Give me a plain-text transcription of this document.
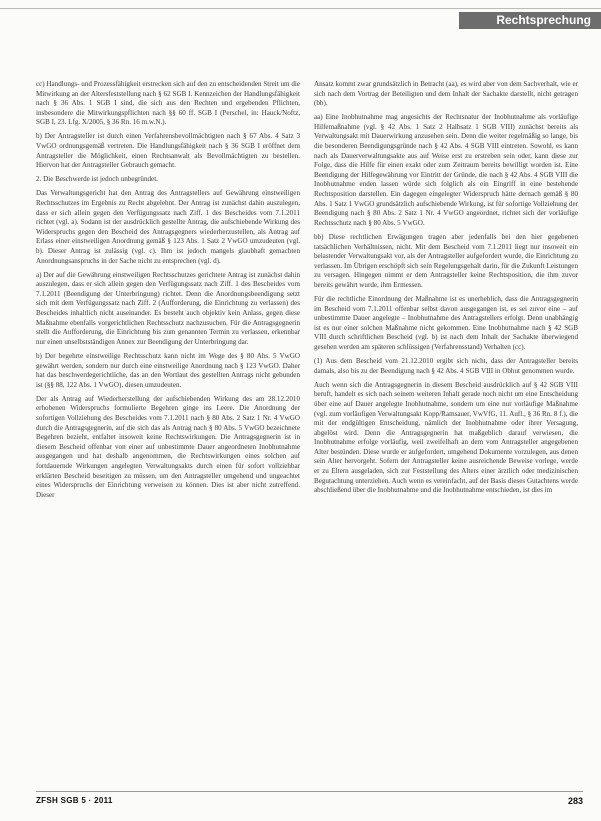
Rechtsprechung

cc) Handlungs- und Prozessfähigkeit erstrecken sich auf den zu entscheidenden Streit um die Mitwirkung an der Altersfeststellung nach § 62 SGB I. Kennzeichen der Handlungsfähigkeit nach § 36 Abs. 1 SGB I sind, die sich aus den Rechten und ergebenden Pflichten, insbesondere die Mitwirkungspflichten nach §§ 60 ff. SGB I (Perschel, in: Hauck/Noftz, SGB I, 23. Lfg. X/2005, § 36 Rn. 16 m.w.N.).

b) Der Antragsteller ist durch einen Verfahrensbevollmächtigten nach § 67 Abs. 4 Satz 3 VwGO ordnungsgemäß vertreten. Die Handlungsfähigkeit nach § 36 SGB I eröffnet dem Antragsteller die Möglichkeit, einen Rechtsanwalt als Bevollmächtigten zu bestellen. Hiervon hat der Antragsteller Gebrauch gemacht.

2. Die Beschwerde ist jedoch unbegründet.

Das Verwaltungsgericht hat den Antrag des Antragstellers auf Gewährung einstweiligen Rechtsschutzes im Ergebnis zu Recht abgelehnt. Der Antrag ist zunächst dahin auszulegen, dass er sich allein gegen den Verfügungssatz nach Ziff. 1 des Bescheides vom 7.1.2011 richtet (vgl. a). Sodann ist der ausdrücklich gestellte Antrag, die aufschiebende Wirkung des Widerspruchs gegen den Bescheid des Antragsgegners wiederherzustellen, als Antrag auf Erlass einer einstweiligen Anordnung gemäß § 123 Abs. 1 Satz 2 VwGO umzudeuten (vgl. b). Dieser Antrag ist zulässig (vgl. c). Ihm ist jedoch mangels glaubhaft gemachten Anordnungsanspruchs in der Sache nicht zu entsprechen (vgl. d).

a) Der auf die Gewährung einstweiligen Rechtsschutzes gerichtete Antrag ist zunächst dahin auszulegen, dass er sich allein gegen den Verfügungssatz nach Ziff. 1 des Bescheides vom 7.1.2011 (Beendigung der Unterbringung) richtet. Denn die Anordnungsbeendigung setzt sich mit dem Verfügungssatz nach Ziff. 2 (Aufforderung, die Einrichtung zu verlassen) des Bescheides inhaltlich nicht auseinander. Es besteht auch objektiv kein Anlass, gegen diese Maßnahme ebenfalls vorgerichtlichen Rechtsschutz nachzusuchen. Für die Antragsgegnerin stellt die Aufforderung, die Einrichtung bis zum genannten Termin zu verlassen, erkennbar nur einen unselbstständigen Annex zur Beendigung der Unterbringung dar.

b) Der begehrte einstweilige Rechtsschutz kann nicht im Wege des § 80 Abs. 5 VwGO gewährt werden, sondern nur durch eine einstweilige Anordnung nach § 123 VwGO. Daher hat das beschwerdegerichtliche, das an den Wortlaut des gestellten Antrags nicht gebunden ist (§§ 88, 122 Abs. 1 VwGO), diesen umzudeuten.

Der als Antrag auf Wiederherstellung der aufschiebenden Wirkung des am 28.12.2010 erhobenen Widerspruchs formulierte Begehren ginge ins Leere. Die Anordnung der sofortigen Vollziehung des Bescheides vom 7.1.2011 nach § 80 Abs. 2 Satz 1 Nr. 4 VwGO durch die Antragsgegnerin, auf die sich das als Antrag nach § 80 Abs. 5 VwGO bezeichnete Begehren bezieht, entfaltet insoweit keine Rechtswirkungen. Die Antragsgegnerin ist in diesem Bescheid offenbar von einer auf unbestimmte Dauer angeordneten Inobhutnahme ausgegangen und hat deshalb angenommen, die Rechtswirkungen eines solchen auf fortdauernde Wirkungen angelegten Verwaltungsakts durch einen für sofort vollziehbar erklärten Bescheid beseitigen zu müssen, um den Antragsteller umgehend und ungeachtet eines Widerspruchs der Einrichtung verweisen zu können. Dies ist aber nicht zutreffend. Dieser

Ansatz kommt zwar grundsätzlich in Betracht (aa), es wird aber von dem Sachverhalt, wie er sich nach dem Vortrag der Beteiligten und dem Inhalt der Sachakte darstellt, nicht getragen (bb).

aa) Eine Inobhutnahme mag angesichts der Rechtsnatur der Inobhutnahme als vorläufige Hilfemaßnahme (vgl. § 42 Abs. 1 Satz 2 Halbsatz 1 SGB VIII) zunächst bereits als Verwaltungsakt mit Dauerwirkung anzusehen sein. Denn die weiter regelmäßig so lange, bis die besonderen Beendigungsgründe nach § 42 Abs. 4 SGB VIII eintreten. Sowohl, es kann nach als Dauerverwaltungsakte aus auf Weise erst zu erstreben sein oder, kann diese zur Folge, dass die Hilfe für einen exakt oder zum Zeitraum bereits bewilligt worden ist. Eine Beendigung der Hilfegewährung vor Eintritt der Gründe, die nach § 42 Abs. 4 SGB VIII die Inobhutnahme enden lassen würde sich folglich als ein Eingriff in eine bestehende Rechtsposition darstellen. Ein dagegen eingelegter Widerspruch hätte dernach gemäß § 80 Abs. 1 Satz 1 VwGO grundsätzlich aufschiebende Wirkung, ist für sofortige Vollziehung der Beendigung nach § 80 Abs. 2 Satz 1 Nr. 4 VwGO angeordnet, richtet sich der vorläufige Rechtsschutz nach § 80 Abs. 5 VwGO.

bb) Diese rechtlichen Erwägungen tragen aber jedenfalls bei den hier gegebenen tatsächlichen Verhältnissen, nicht. Mit dem Bescheid vom 7.1.2011 liegt nur insoweit ein belastender Verwaltungsakt vor, als der Antragsteller aufgefordert wurde, die Einrichtung zu verlassen. Im Übrigen erschöpft sich sein Regelungsgehalt darin, für die Zukunft Leistungen zu versagen. Hingegen nimmt er dem Antragsteller keine Rechtsposition, die ihm zuvor bereits gewährt wurde, ihm Ermessen.

Für die rechtliche Einordnung der Maßnahme ist es unerheblich, dass die Antragsgegnerin im Bescheid vom 7.1.2011 offenbar selbst davon ausgegangen ist, es sei zuvor eine – auf unbestimmte Dauer angelegte – Inobhutnahme des Antragstellers erfolgt. Denn unabhängig ist es nur einer solchen Maßnahme nicht gekommen. Eine Inobhutnahme nach § 42 SGB VIII durch schriftlichen Bescheid (vgl. b) ist nach dem Inhalt der Sachakte überwiegend gesehen werden am späteren schlüssigen (Verfahrensstand) Verhalten (cc).

(1) Aus dem Bescheid vom 21.12.2010 ergibt sich nicht, dass der Antragsteller bereits damals, also bis zu der Beendigung nach § 42 Abs. 4 SGB VIII in Obhut genommen wurde.

Auch wenn sich die Antragsgegnerin in diesem Bescheid ausdrücklich auf § 42 SGB VIII beruft, handelt es sich nach seinem weiteren Inhalt gerade noch nicht um eine Entscheidung über eine auf Dauer angelegte Inobhutnahme, sondern um eine nur vorläufige Maßnahme (vgl. zum vorläufigen Verwaltungsakt Kopp/Ramsauer, VwVfG, 11. Aufl., § 36 Rn. 8 f.), die mit der endgültigen Entscheidung, nämlich der Inobhutnahme oder ihrer Versagung, abgelöst wird. Denn die Antragsgegnerin hat maßgeblich darauf verwiesen, die Inobhutnahme erfolge vorläufig, weil zweifelhaft an dem vom Antragsteller angegebenen Alter bestünden. Diese wurde er aufgefordert, umgehend Dokumente vorzulegen, aus denen sein Alter hervorgeht. Sofern der Antragsteller keine ausreichende Beweise vorlege, werde er zu Eltern ausgeladen, sich zur Feststellung des Alters einer ärztlich oder medizinischen Begutachtung unterziehen. Auch wenn es vereinfacht, auf der Basis dieses Gutachtens werde abschließend über die Inobhutnahme und die Inobhutnahme entschieden, ist dies im

ZFSH SGB 5 · 2011	283
